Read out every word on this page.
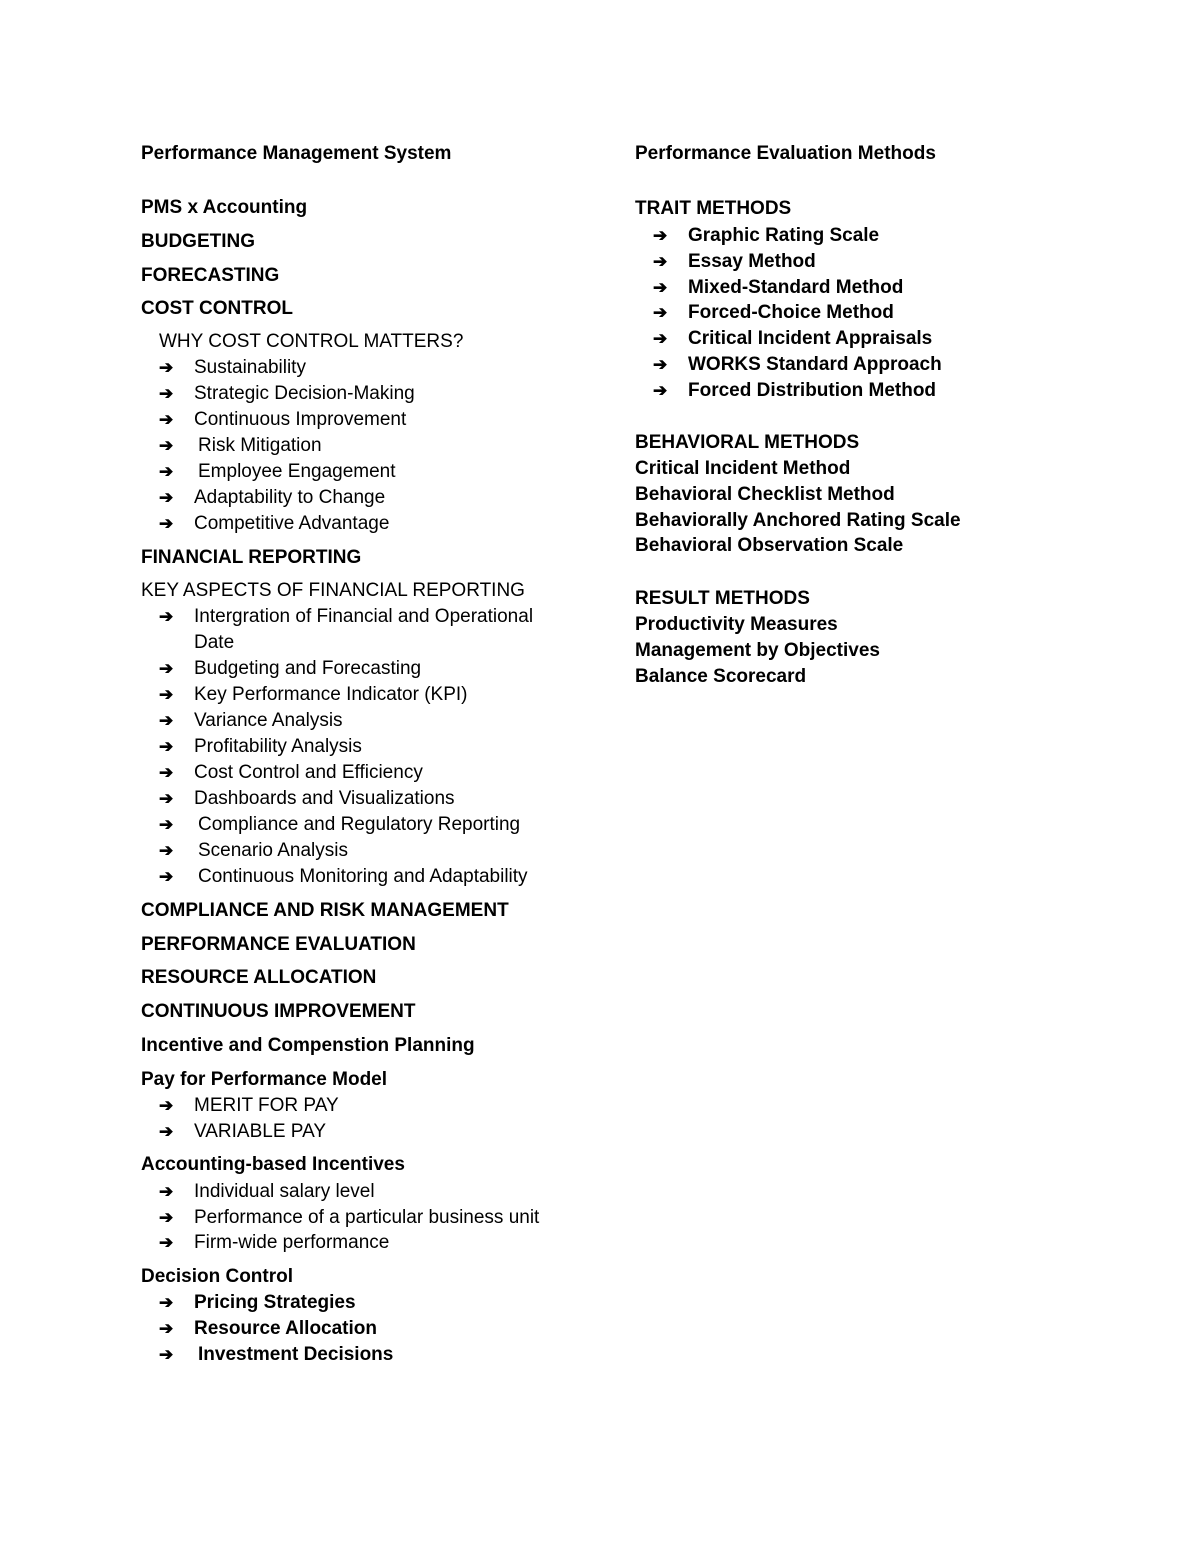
Performance Management System
PMS x Accounting
BUDGETING
FORECASTING
COST CONTROL
WHY COST CONTROL MATTERS?
➔ Sustainability
➔ Strategic Decision-Making
➔ Continuous Improvement
➔ Risk Mitigation
➔ Employee Engagement
➔ Adaptability to Change
➔ Competitive Advantage
FINANCIAL REPORTING
KEY ASPECTS OF FINANCIAL REPORTING
➔ Intergration of Financial and Operational
Date
➔ Budgeting and Forecasting
➔ Key Performance Indicator (KPI)
➔ Variance Analysis
➔ Profitability Analysis
➔ Cost Control and Efficiency
➔ Dashboards and Visualizations
➔ Compliance and Regulatory Reporting
➔ Scenario Analysis
➔ Continuous Monitoring and Adaptability
COMPLIANCE AND RISK MANAGEMENT
PERFORMANCE EVALUATION
RESOURCE ALLOCATION
CONTINUOUS IMPROVEMENT
Incentive and Compenstion Planning
Pay for Performance Model
➔ MERIT FOR PAY
➔ VARIABLE PAY
Accounting-based Incentives
➔ Individual salary level
➔ Performance of a particular business unit
➔ Firm-wide performance
Decision Control
➔ Pricing Strategies
➔ Resource Allocation
➔ Investment Decisions
Performance Evaluation Methods
TRAIT METHODS
➔ Graphic Rating Scale
➔ Essay Method
➔ Mixed-Standard Method
➔ Forced-Choice Method
➔ Critical Incident Appraisals
➔ WORKS Standard Approach
➔ Forced Distribution Method
BEHAVIORAL METHODS
Critical Incident Method
Behavioral Checklist Method
Behaviorally Anchored Rating Scale
Behavioral Observation Scale
RESULT METHODS
Productivity Measures
Management by Objectives
Balance Scorecard
